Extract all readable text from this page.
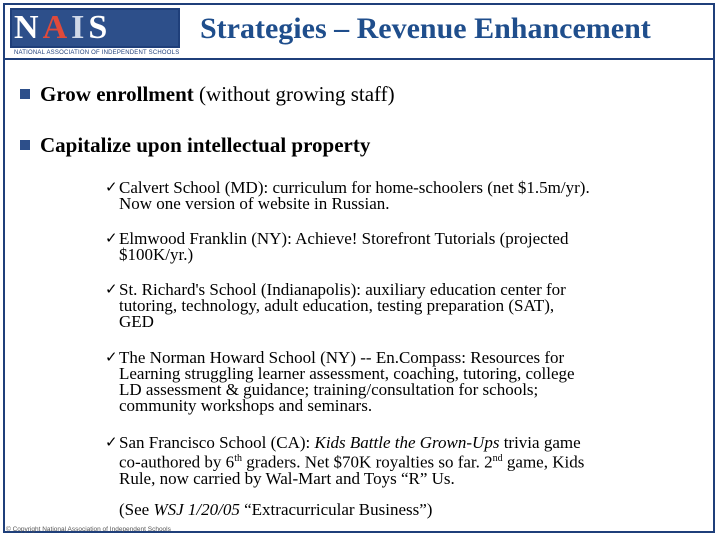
N A I S
NATIONAL ASSOCIATION OF INDEPENDENT SCHOOLS
Strategies – Revenue Enhancement
Grow enrollment (without growing staff)
Capitalize upon intellectual property
✓ Calvert School (MD): curriculum for home-schoolers (net $1.5m/yr).

Now one version of website in Russian.

✓ Elmwood Franklin (NY): Achieve! Storefront Tutorials (projected

$100K/yr.)

✓ St. Richard's School (Indianapolis): auxiliary education center for

tutoring, technology, adult education, testing preparation (SAT),

GED

✓ The Norman Howard School (NY) -- En.Compass: Resources for

Learning struggling learner assessment, coaching, tutoring, college

LD assessment & guidance; training/consultation for schools;

community workshops and seminars.

✓ San Francisco School (CA): Kids Battle the Grown-Ups trivia game

co-authored by 6th graders. Net $70K royalties so far. 2nd game, Kids

Rule, now carried by Wal-Mart and Toys “R” Us.

(See WSJ 1/20/05 “Extracurricular Business”)
© Copyright National Association of Independent Schools
